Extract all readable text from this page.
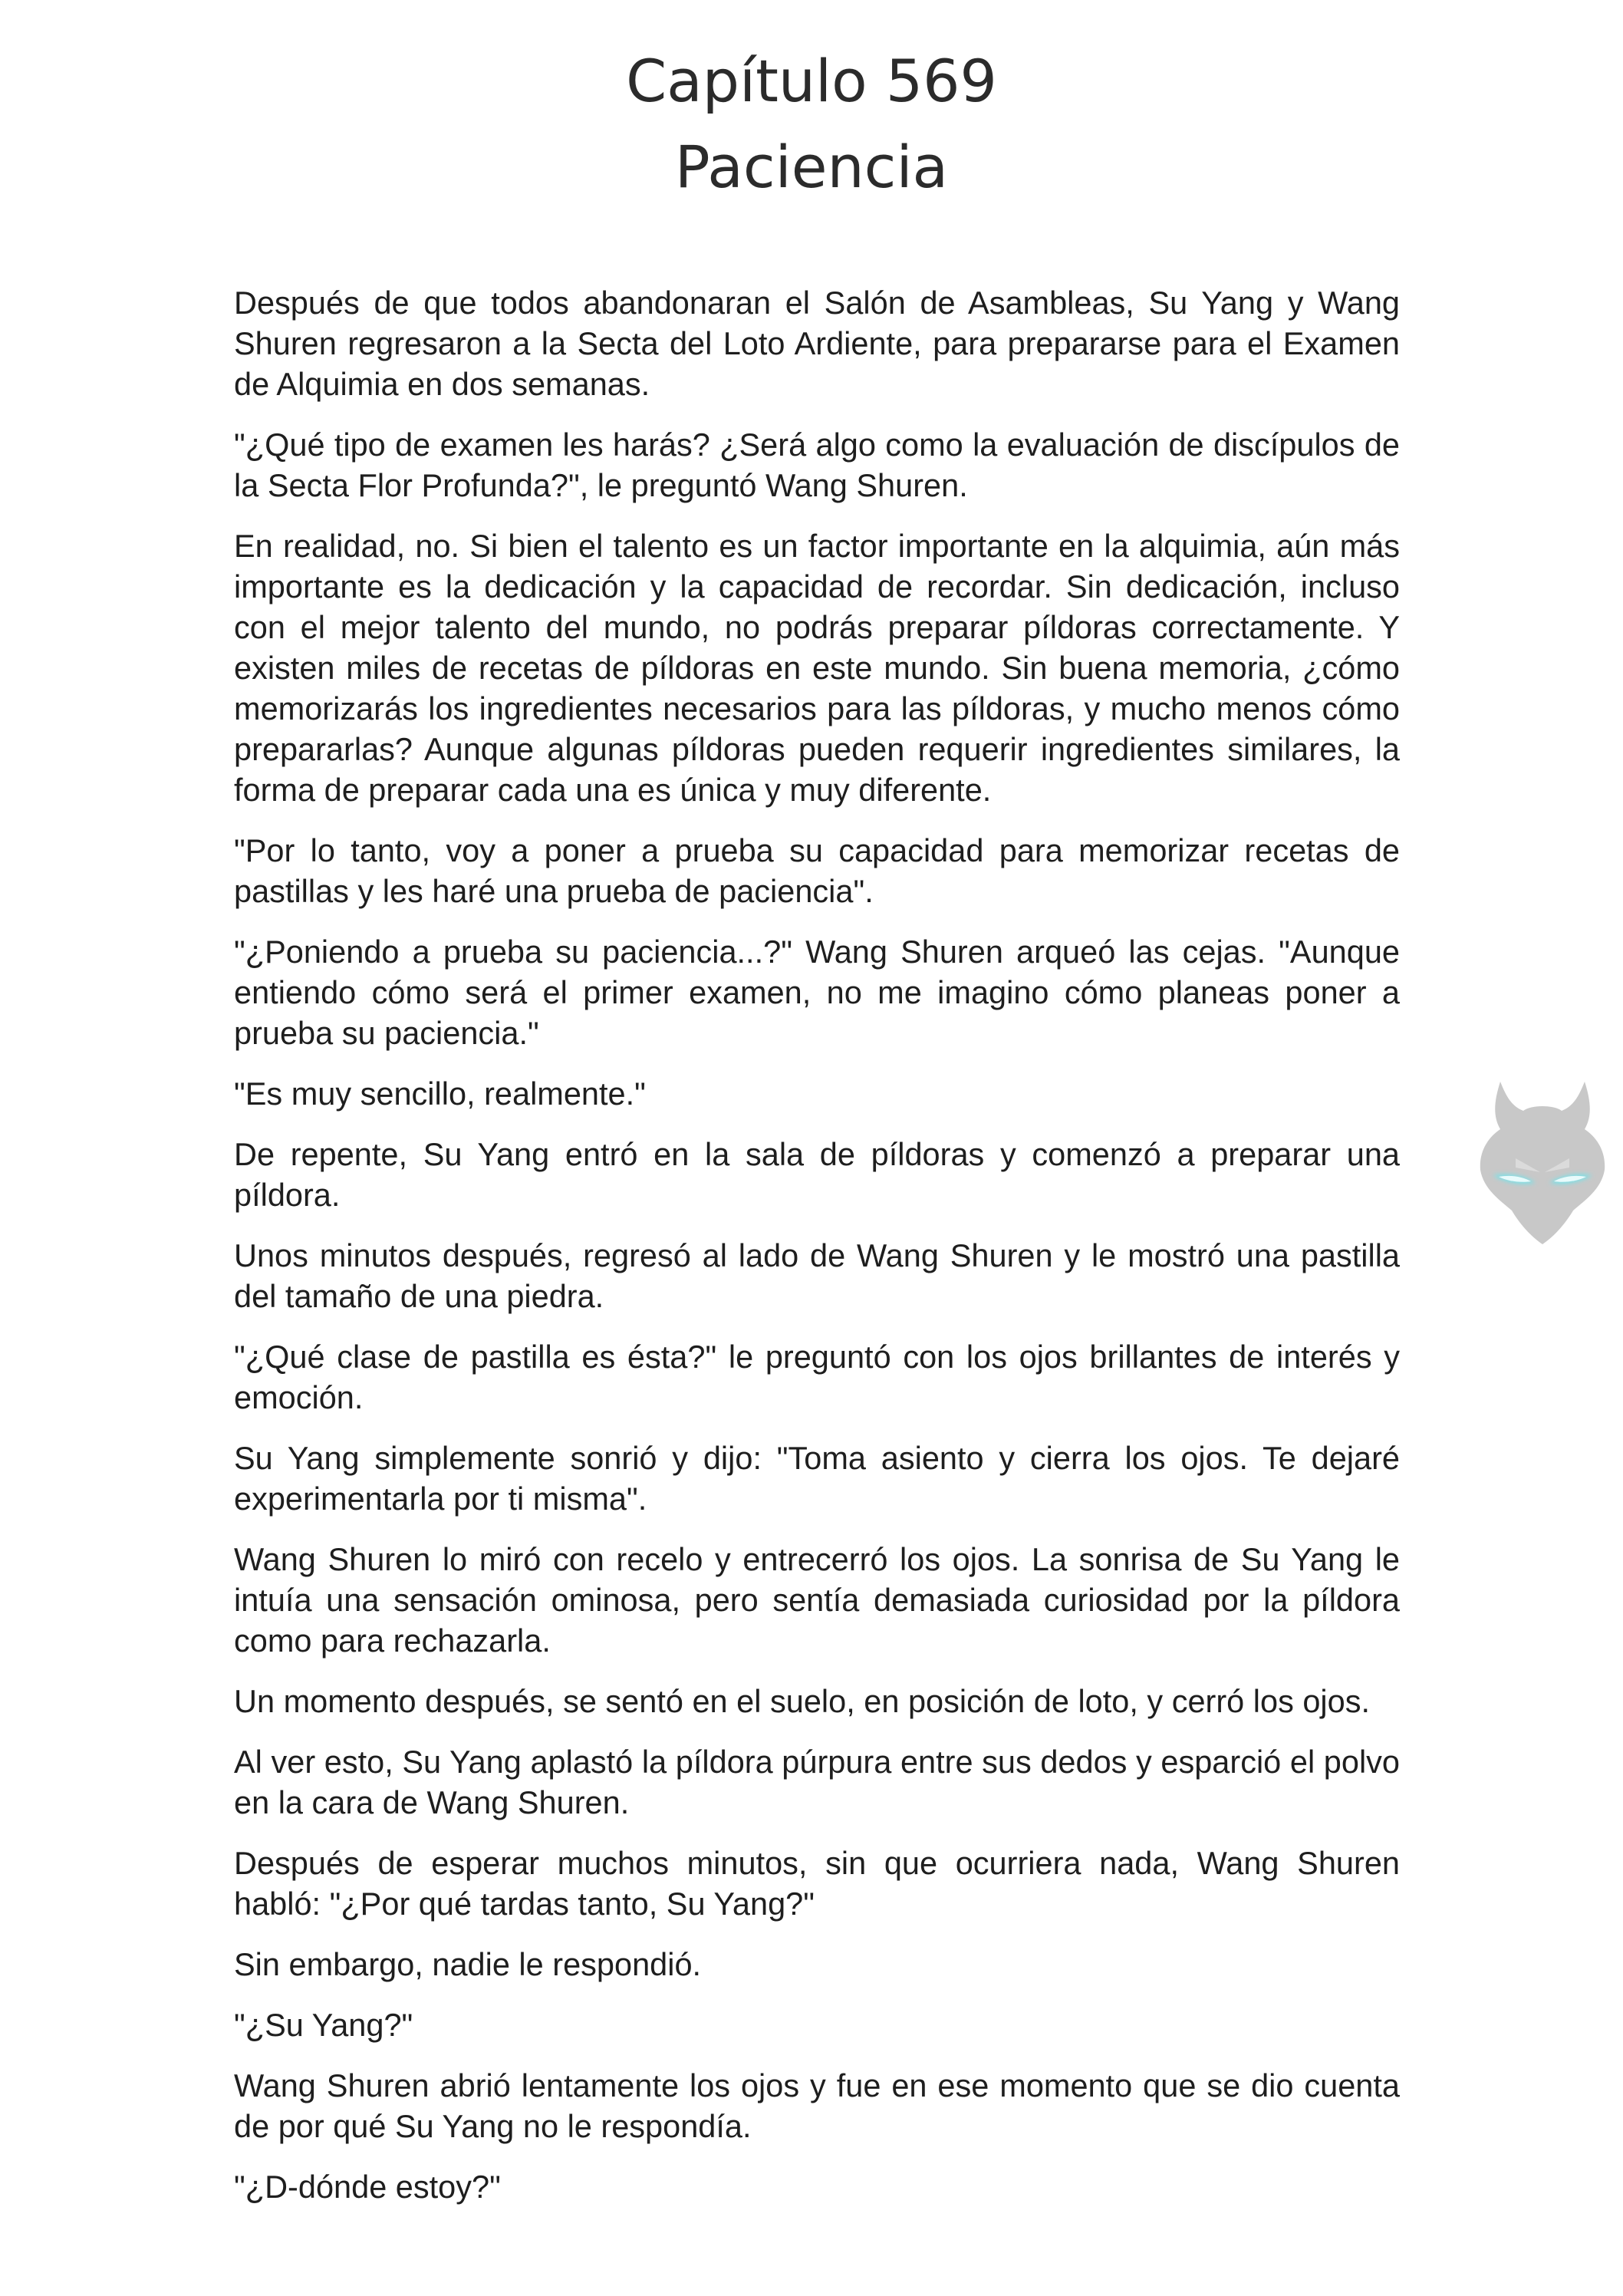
Capítulo 569
Paciencia

Después de que todos abandonaran el Salón de Asambleas, Su Yang y Wang Shuren regresaron a la Secta del Loto Ardiente, para prepararse para el Examen de Alquimia en dos semanas.

"¿Qué tipo de examen les harás? ¿Será algo como la evaluación de discípulos de la Secta Flor Profunda?", le preguntó Wang Shuren.

En realidad, no. Si bien el talento es un factor importante en la alquimia, aún más importante es la dedicación y la capacidad de recordar. Sin dedicación, incluso con el mejor talento del mundo, no podrás preparar píldoras correctamente. Y existen miles de recetas de píldoras en este mundo. Sin buena memoria, ¿cómo memorizarás los ingredientes necesarios para las píldoras, y mucho menos cómo prepararlas? Aunque algunas píldoras pueden requerir ingredientes similares, la forma de preparar cada una es única y muy diferente.

"Por lo tanto, voy a poner a prueba su capacidad para memorizar recetas de pastillas y les haré una prueba de paciencia".

"¿Poniendo a prueba su paciencia...?" Wang Shuren arqueó las cejas. "Aunque entiendo cómo será el primer examen, no me imagino cómo planeas poner a prueba su paciencia."

"Es muy sencillo, realmente."

De repente, Su Yang entró en la sala de píldoras y comenzó a preparar una píldora.

Unos minutos después, regresó al lado de Wang Shuren y le mostró una pastilla del tamaño de una piedra.

"¿Qué clase de pastilla es ésta?" le preguntó con los ojos brillantes de interés y emoción.

Su Yang simplemente sonrió y dijo: "Toma asiento y cierra los ojos. Te dejaré experimentarla por ti misma".

Wang Shuren lo miró con recelo y entrecerró los ojos. La sonrisa de Su Yang le intuía una sensación ominosa, pero sentía demasiada curiosidad por la píldora como para rechazarla.

Un momento después, se sentó en el suelo, en posición de loto, y cerró los ojos.

Al ver esto, Su Yang aplastó la píldora púrpura entre sus dedos y esparció el polvo en la cara de Wang Shuren.

Después de esperar muchos minutos, sin que ocurriera nada, Wang Shuren habló: "¿Por qué tardas tanto, Su Yang?"

Sin embargo, nadie le respondió.

"¿Su Yang?"

Wang Shuren abrió lentamente los ojos y fue en ese momento que se dio cuenta de por qué Su Yang no le respondía.

"¿D-dónde estoy?"
